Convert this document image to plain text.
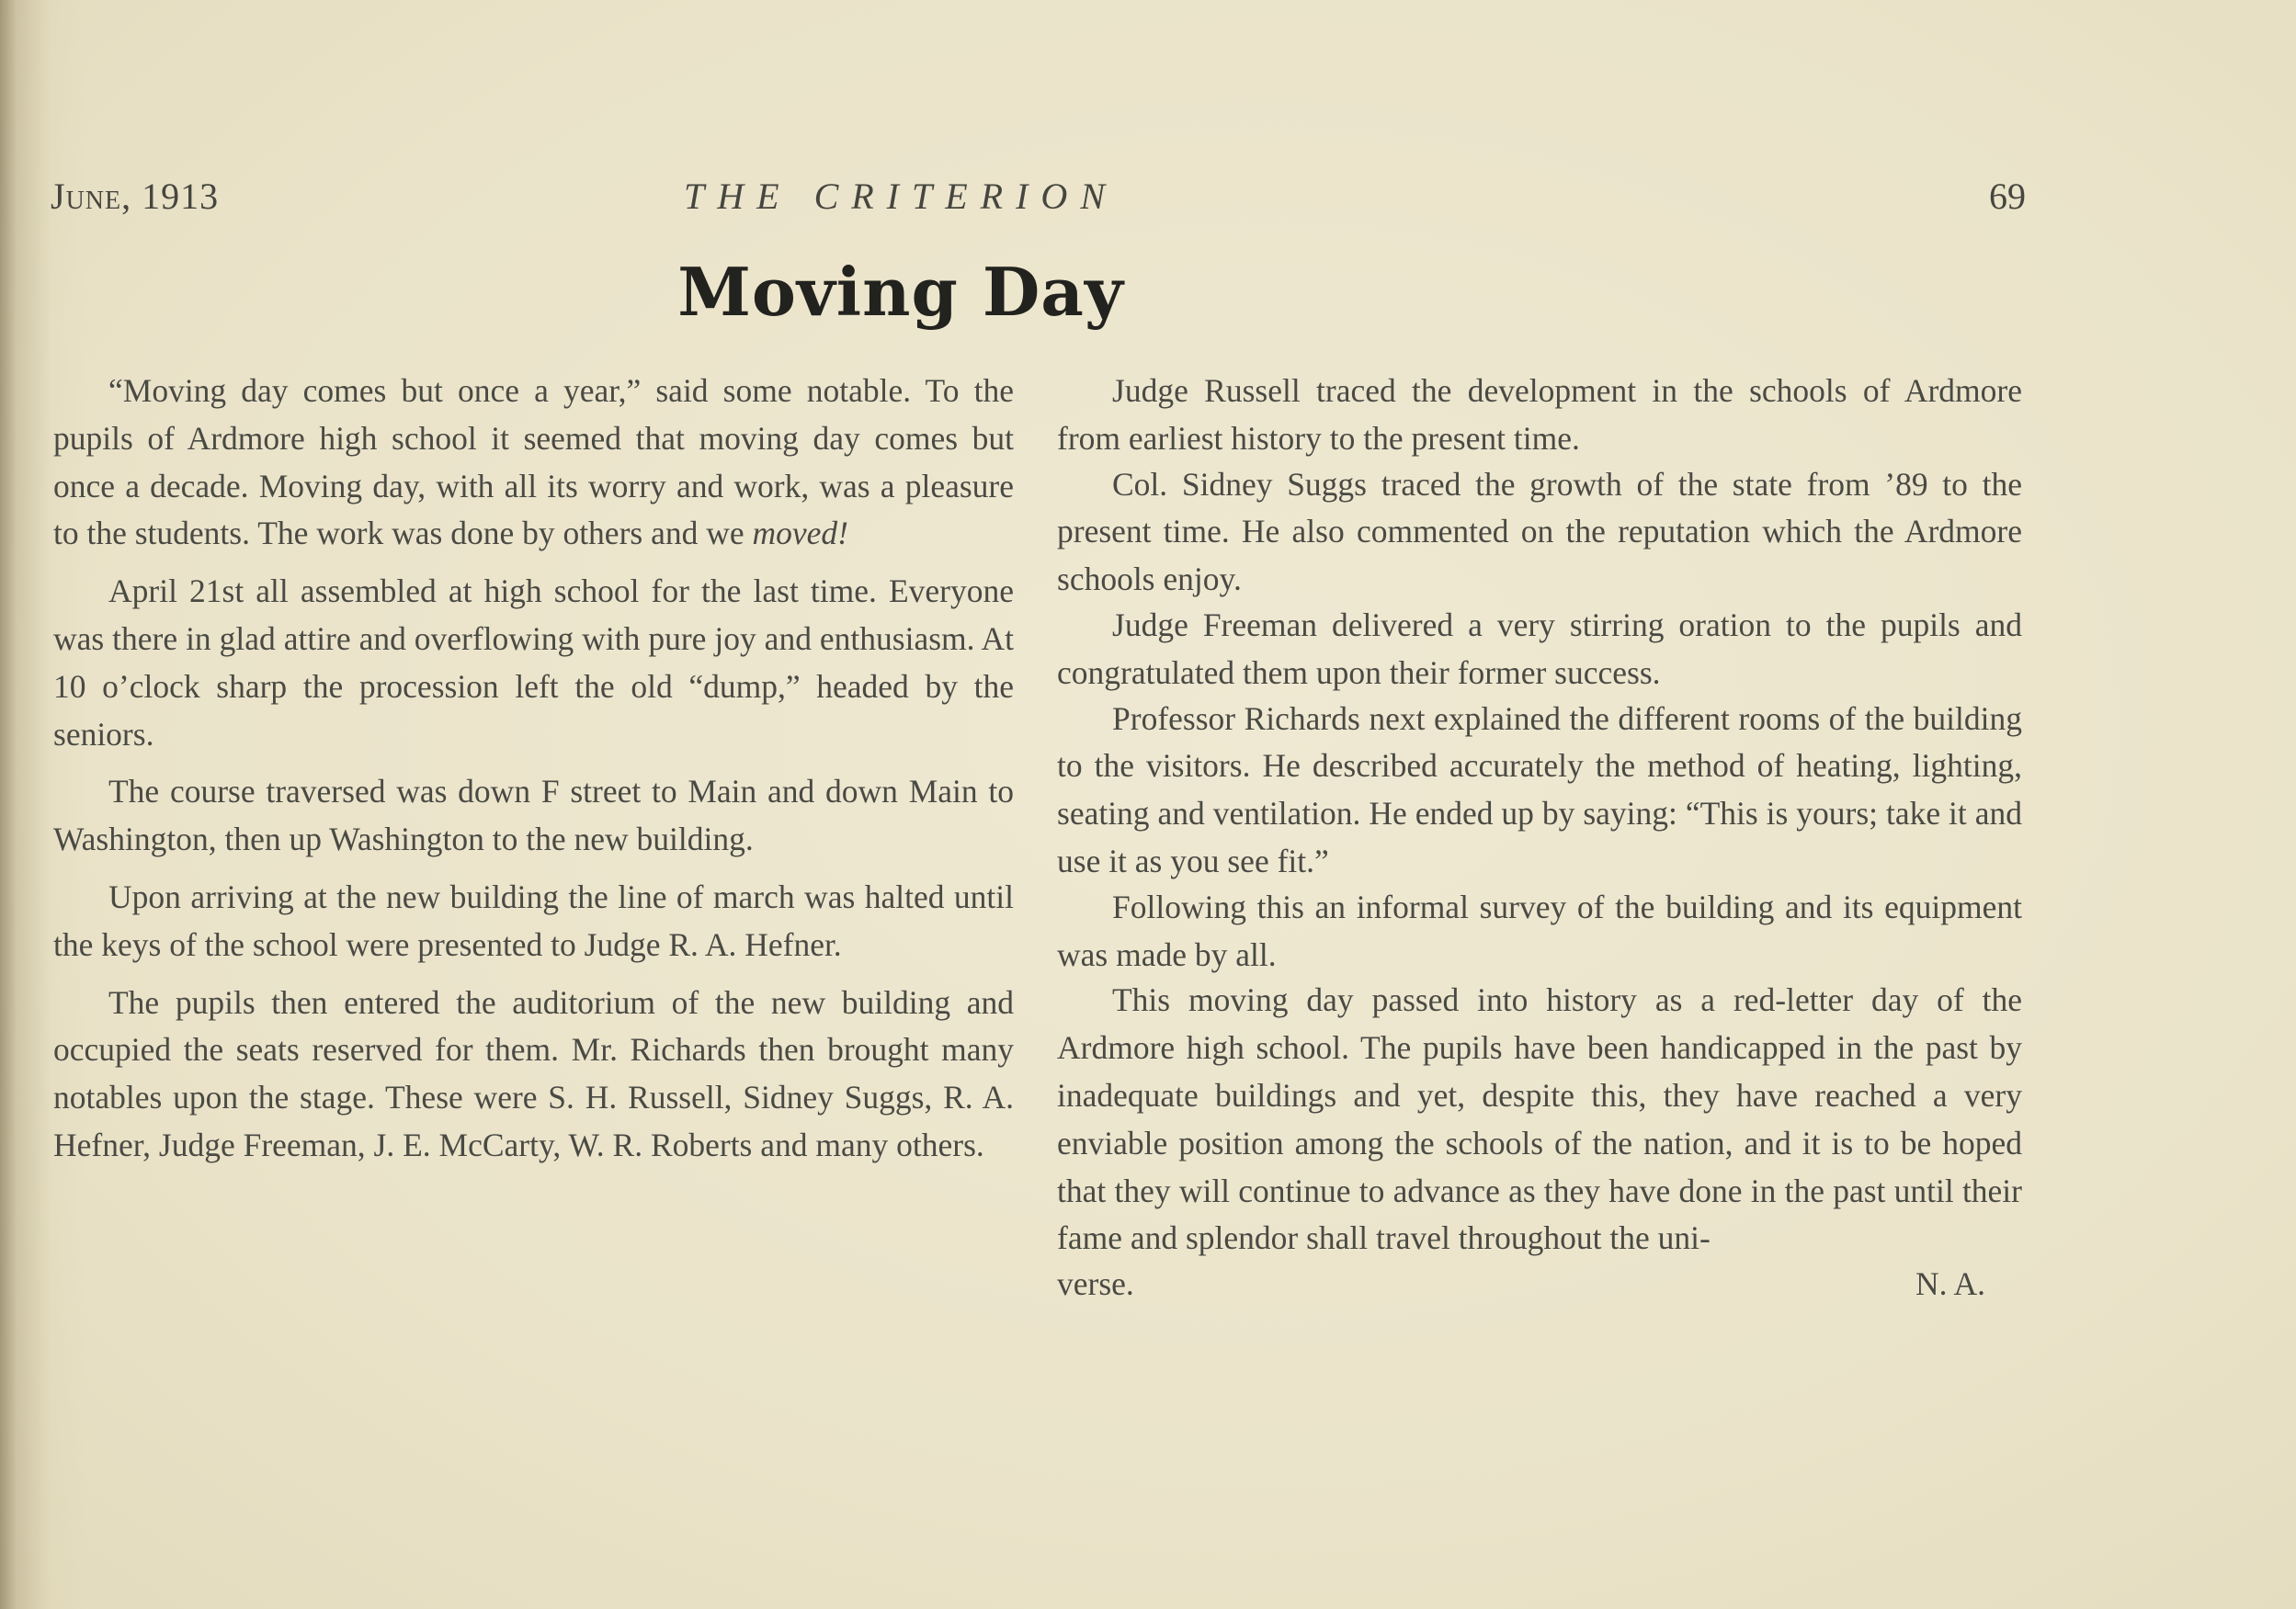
June, 1913	THE CRITERION	69
Moving Day

“Moving day comes but once a year,” said some notable. To the pupils of Ardmore high school it seemed that moving day comes but once a decade. Moving day, with all its worry and work, was a pleasure to the students. The work was done by others and we moved!

April 21st all assembled at high school for the last time. Everyone was there in glad attire and overflowing with pure joy and enthusiasm. At 10 o’clock sharp the procession left the old “dump,” headed by the seniors.

The course traversed was down F street to Main and down Main to Washington, then up Washington to the new building.

Upon arriving at the new building the line of march was halted until the keys of the school were presented to Judge R. A. Hefner.

The pupils then entered the auditorium of the new building and occupied the seats reserved for them. Mr. Richards then brought many notables upon the stage. These were S. H. Russell, Sidney Suggs, R. A. Hefner, Judge Freeman, J. E. McCarty, W. R. Roberts and many others.

Judge Russell traced the development in the schools of Ardmore from earliest history to the present time.

Col. Sidney Suggs traced the growth of the state from ’89 to the present time. He also commented on the reputation which the Ardmore schools enjoy.

Judge Freeman delivered a very stirring oration to the pupils and congratulated them upon their former success.

Professor Richards next explained the different rooms of the building to the visitors. He described accurately the method of heating, lighting, seating and ventilation. He ended up by saying: “This is yours; take it and use it as you see fit.”

Following this an informal survey of the building and its equipment was made by all.

This moving day passed into history as a red-letter day of the Ardmore high school. The pupils have been handicapped in the past by inadequate buildings and yet, despite this, they have reached a very enviable position among the schools of the nation, and it is to be hoped that they will continue to advance as they have done in the past until their fame and splendor shall travel throughout the uni-

verse.	N. A.
